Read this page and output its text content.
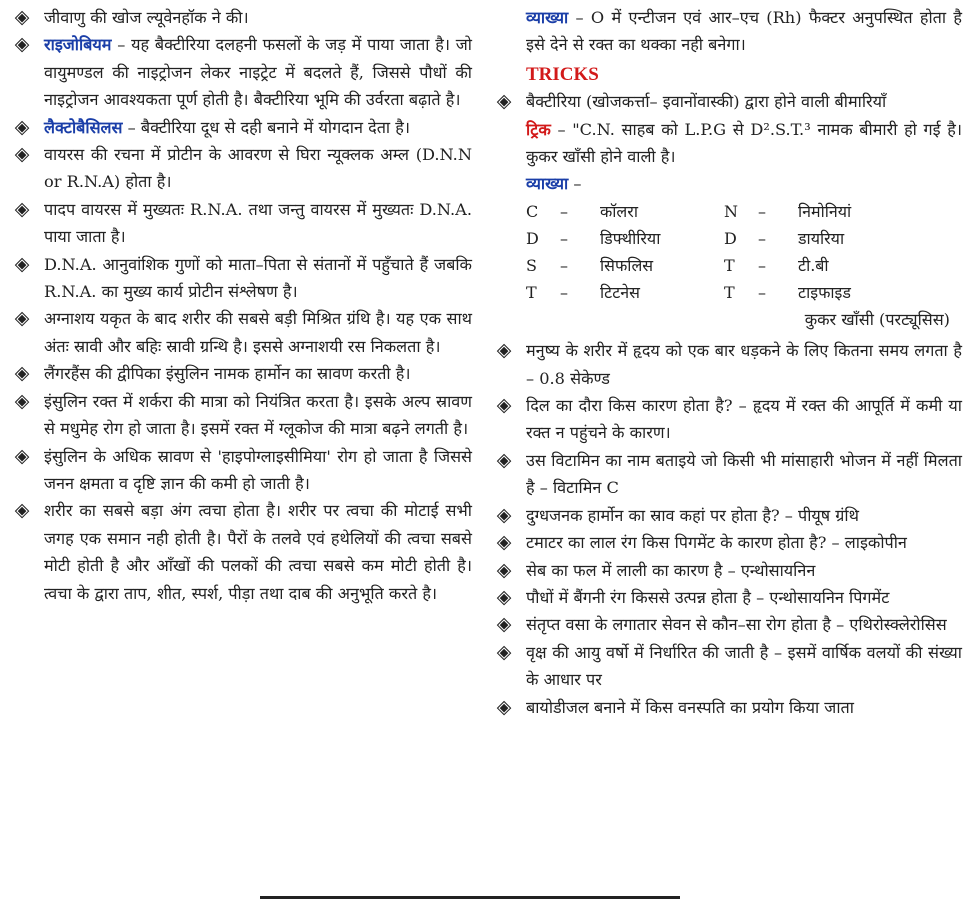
◈ जीवाणु की खोज ल्यूवेनहॉक ने की।

◈ राइजोबियम – यह बैक्टीरिया दलहनी फसलों के जड़ में पाया जाता है। जो वायुमण्डल की नाइट्रोजन लेकर नाइट्रेट में बदलते हैं, जिससे पौधों की नाइट्रोजन आवश्यकता पूर्ण होती है। बैक्टीरिया भूमि की उर्वरता बढ़ाते है।

◈ लैक्टोबैसिलस – बैक्टीरिया दूध से दही बनाने में योगदान देता है।

◈ वायरस की रचना में प्रोटीन के आवरण से घिरा न्यूक्लक अम्ल (D.N.N or R.N.A) होता है।

◈ पादप वायरस में मुख्यतः R.N.A. तथा जन्तु वायरस में मुख्यतः D.N.A. पाया जाता है।

◈ D.N.A. आनुवांशिक गुणों को माता–पिता से संतानों में पहुँचाते हैं जबकि R.N.A. का मुख्य कार्य प्रोटीन संश्लेषण है।

◈ अग्नाशय यकृत के बाद शरीर की सबसे बड़ी मिश्रित ग्रंथि है। यह एक साथ अंतः स्रावी और बहिः स्रावी ग्रन्थि है। इससे अग्नाशयी रस निकलता है।

◈ लैंगरहैंस की द्वीपिका इंसुलिन नामक हार्मोन का स्रावण करती है।

◈ इंसुलिन रक्त में शर्करा की मात्रा को नियंत्रित करता है। इसके अल्प स्रावण से मधुमेह रोग हो जाता है। इसमें रक्त में ग्लूकोज की मात्रा बढ़ने लगती है।

◈ इंसुलिन के अधिक स्रावण से 'हाइपोग्लाइसीमिया' रोग हो जाता है जिससे जनन क्षमता व दृष्टि ज्ञान की कमी हो जाती है।

◈ शरीर का सबसे बड़ा अंग त्वचा होता है। शरीर पर त्वचा की मोटाई सभी जगह एक समान नही होती है। पैरों के तलवे एवं हथेलियों की त्वचा सबसे मोटी होती है और आँखों की पलकों की त्वचा सबसे कम मोटी होती है। त्वचा के द्वारा ताप, शीत, स्पर्श, पीड़ा तथा दाब की अनुभूति करते है।

व्याख्या – O में एन्टीजन एवं आर–एच (Rh) फैक्टर अनुपस्थित होता है इसे देने से रक्त का थक्का नही बनेगा।

TRICKS

◈ बैक्टीरिया (खोजकर्त्ता– इवानोंवास्की) द्वारा होने वाली बीमारियाँ

ट्रिक – "C.N. साहब को L.P.G से D².S.T.³ नामक बीमारी हो गई है। कुकर खाँसी होने वाली है।

व्याख्या –

C	–	कॉलरा	N	–	निमोनियां
D	–	डिफ्थीरिया	D	–	डायरिया
S	–	सिफलिस	T	–	टी.बी
T	–	टिटनेस	T	–	टाइफाइड

कुकर खाँसी (परट्यूसिस)

◈ मनुष्य के शरीर में हृदय को एक बार धड़कने के लिए कितना समय लगता है – 0.8 सेकेण्ड

◈ दिल का दौरा किस कारण होता है? – हृदय में रक्त की आपूर्ति में कमी या रक्त न पहुंचने के कारण।

◈ उस विटामिन का नाम बताइये जो किसी भी मांसाहारी भोजन में नहीं मिलता है – विटामिन C

◈ दुग्धजनक हार्मोन का स्राव कहां पर होता है? – पीयूष ग्रंथि

◈ टमाटर का लाल रंग किस पिगमेंट के कारण होता है? – लाइकोपीन

◈ सेब का फल में लाली का कारण है – एन्थोसायनिन

◈ पौधों में बैंगनी रंग किससे उत्पन्न होता है – एन्थोसायनिन पिगमेंट

◈ संतृप्त वसा के लगातार सेवन से कौन–सा रोग होता है – एथिरोस्क्लेरोसिस

◈ वृक्ष की आयु वर्षो में निर्धारित की जाती है – इसमें वार्षिक वलयों की संख्या के आधार पर

◈ बायोडीजल बनाने में किस वनस्पति का प्रयोग किया जाता
